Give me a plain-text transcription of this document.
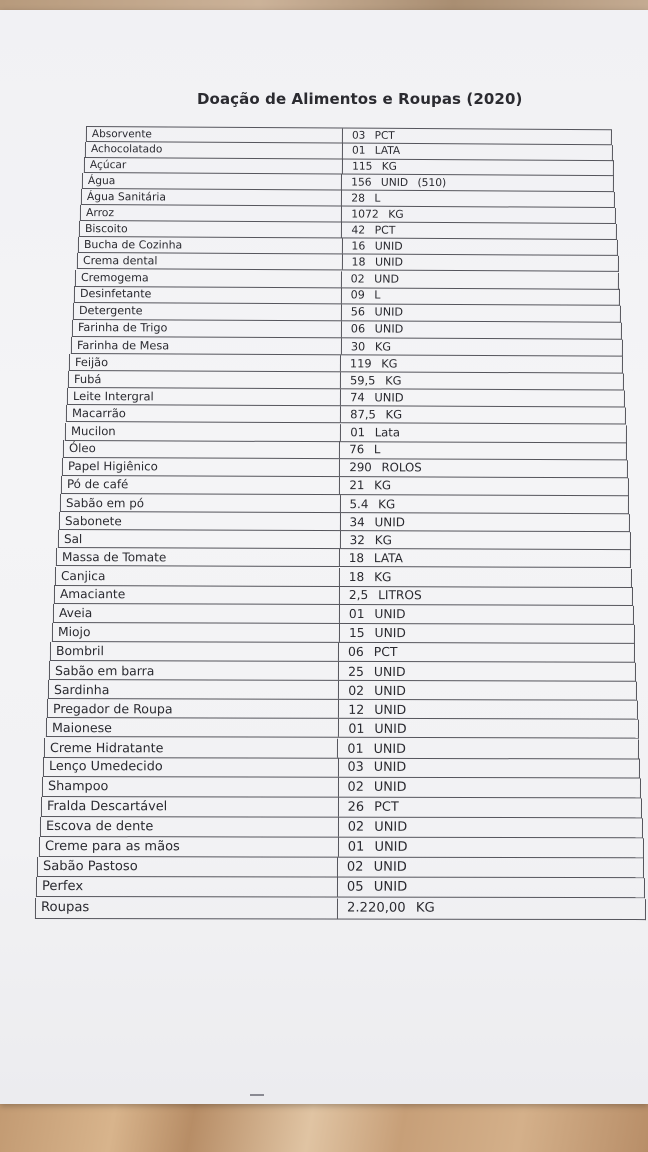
Doação de Alimentos e Roupas (2020)
Absorvente	03 PCT
Achocolatado	01 LATA
Açúcar	115 KG
Água	156 UNID (510)
Água Sanitária	28 L
Arroz	1072 KG
Biscoito	42 PCT
Bucha de Cozinha	16 UNID
Crema dental	18 UNID
Cremogema	02 UND
Desinfetante	09 L
Detergente	56 UNID
Farinha de Trigo	06 UNID
Farinha de Mesa	30 KG
Feijão	119 KG
Fubá	59,5 KG
Leite Intergral	74 UNID
Macarrão	87,5 KG
Mucilon	01 Lata
Óleo	76 L
Papel Higiênico	290 ROLOS
Pó de café	21 KG
Sabão em pó	5.4 KG
Sabonete	34 UNID
Sal	32 KG
Massa de Tomate	18 LATA
Canjica	18 KG
Amaciante	2,5 LITROS
Aveia	01 UNID
Miojo	15 UNID
Bombril	06 PCT
Sabão em barra	25 UNID
Sardinha	02 UNID
Pregador de Roupa	12 UNID
Maionese	01 UNID
Creme Hidratante	01 UNID
Lenço Umedecido	03 UNID
Shampoo	02 UNID
Fralda Descartável	26 PCT
Escova de dente	02 UNID
Creme para as mãos	01 UNID
Sabão Pastoso	02 UNID
Perfex	05 UNID
Roupas	2.220,00 KG
